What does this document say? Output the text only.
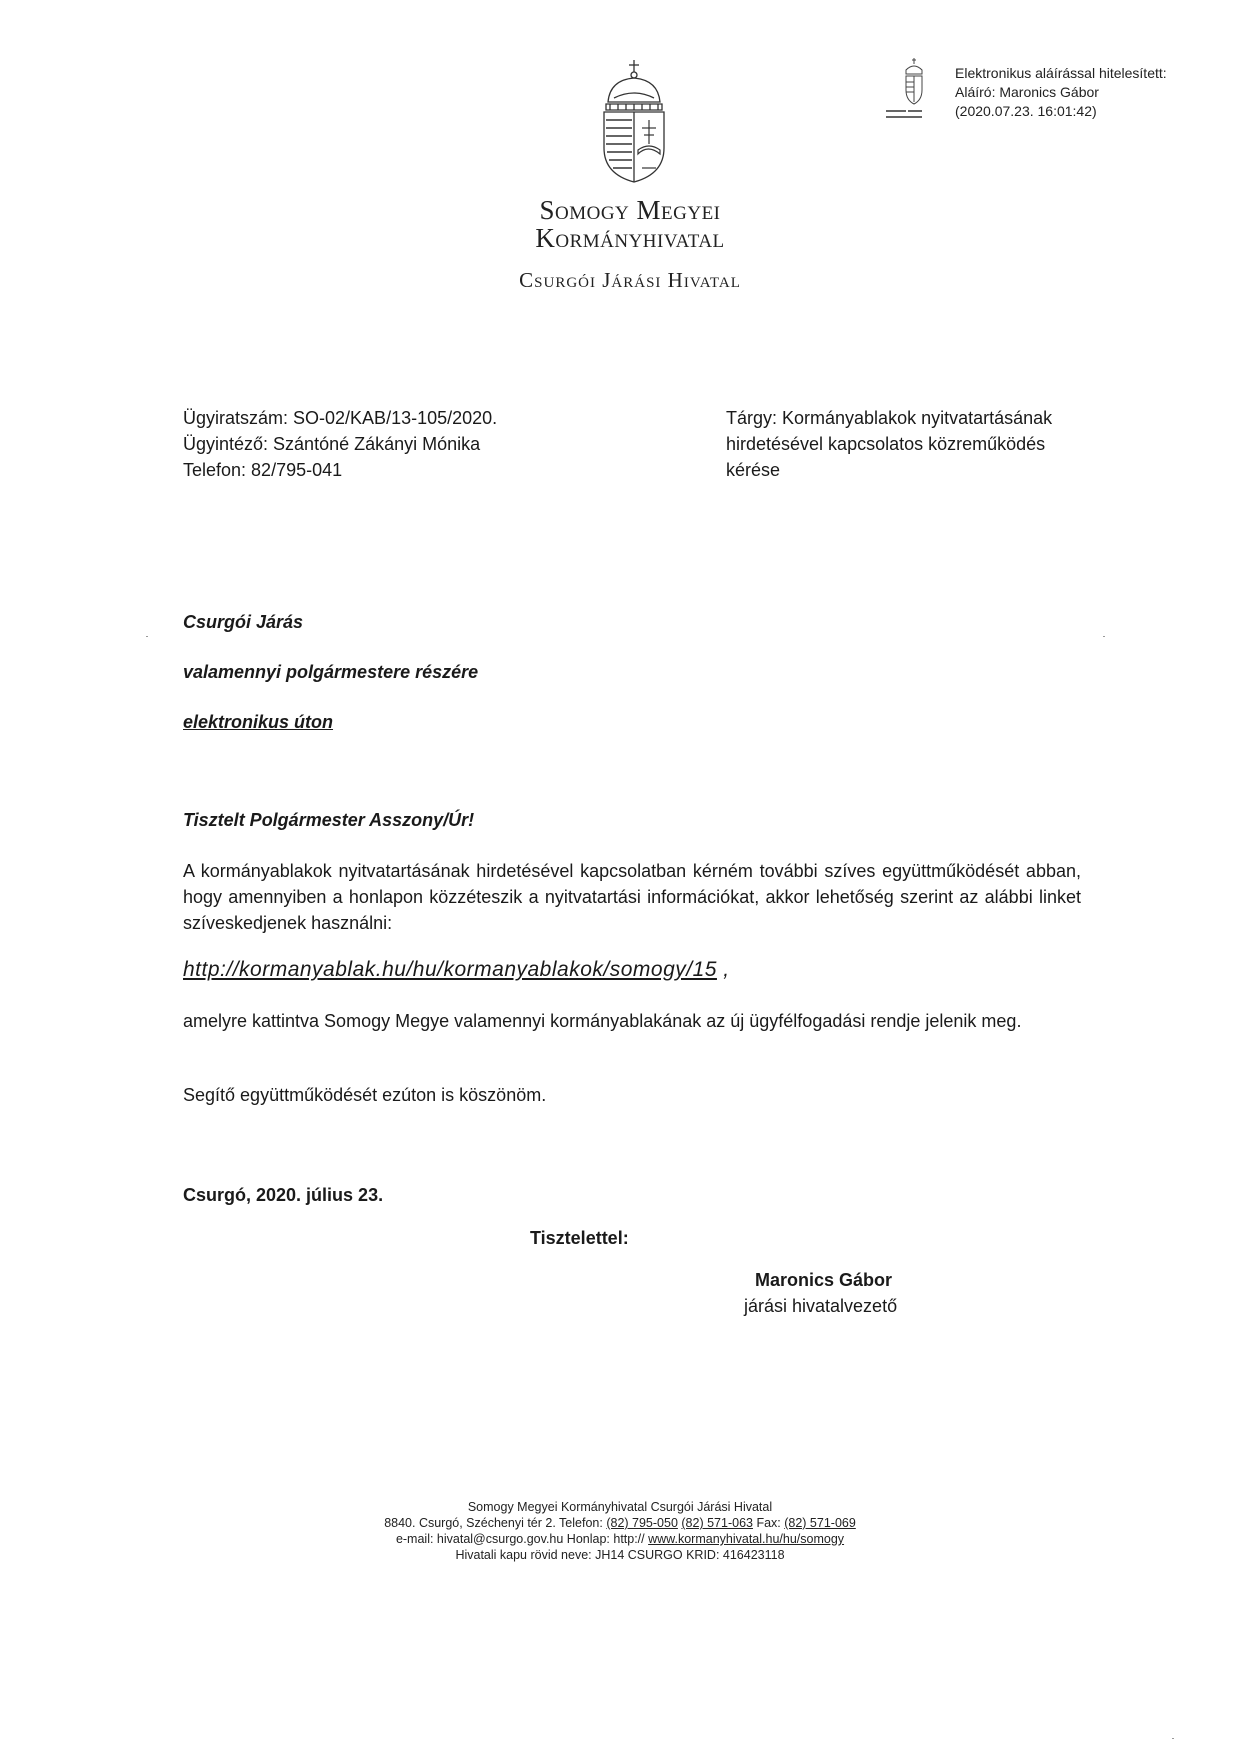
Elektronikus aláírással hitelesített:
Aláíró: Maronics Gábor
(2020.07.23. 16:01:42)
Somogy Megyei
Kormányhivatal
Csurgói Járási Hivatal
Ügyiratszám: SO-02/KAB/13-105/2020.
Ügyintéző: Szántóné Zákányi Mónika
Telefon: 82/795-041
Tárgy: Kormányablakok nyitvatartásának
hirdetésével kapcsolatos közreműködés
kérése
Csurgói Járás
valamennyi polgármestere részére
elektronikus úton
Tisztelt Polgármester Asszony/Úr!
A kormányablakok nyitvatartásának hirdetésével kapcsolatban kérném további szíves együttműködését abban, hogy amennyiben a honlapon közzéteszik a nyitvatartási információkat, akkor lehetőség szerint az alábbi linket szíveskedjenek használni:
http://kormanyablak.hu/hu/kormanyablakok/somogy/15 ,
amelyre kattintva Somogy Megye valamennyi kormányablakának az új ügyfélfogadási rendje jelenik meg.
Segítő együttműködését ezúton is köszönöm.
Csurgó, 2020. július 23.
Tisztelettel:
Maronics Gábor
járási hivatalvezető
Somogy Megyei Kormányhivatal Csurgói Járási Hivatal
8840. Csurgó, Széchenyi tér 2. Telefon: (82) 795-050 (82) 571-063 Fax: (82) 571-069
e-mail: hivatal@csurgo.gov.hu Honlap: http:// www.kormanyhivatal.hu/hu/somogy
Hivatali kapu rövid neve: JH14 CSURGO KRID: 416423118
